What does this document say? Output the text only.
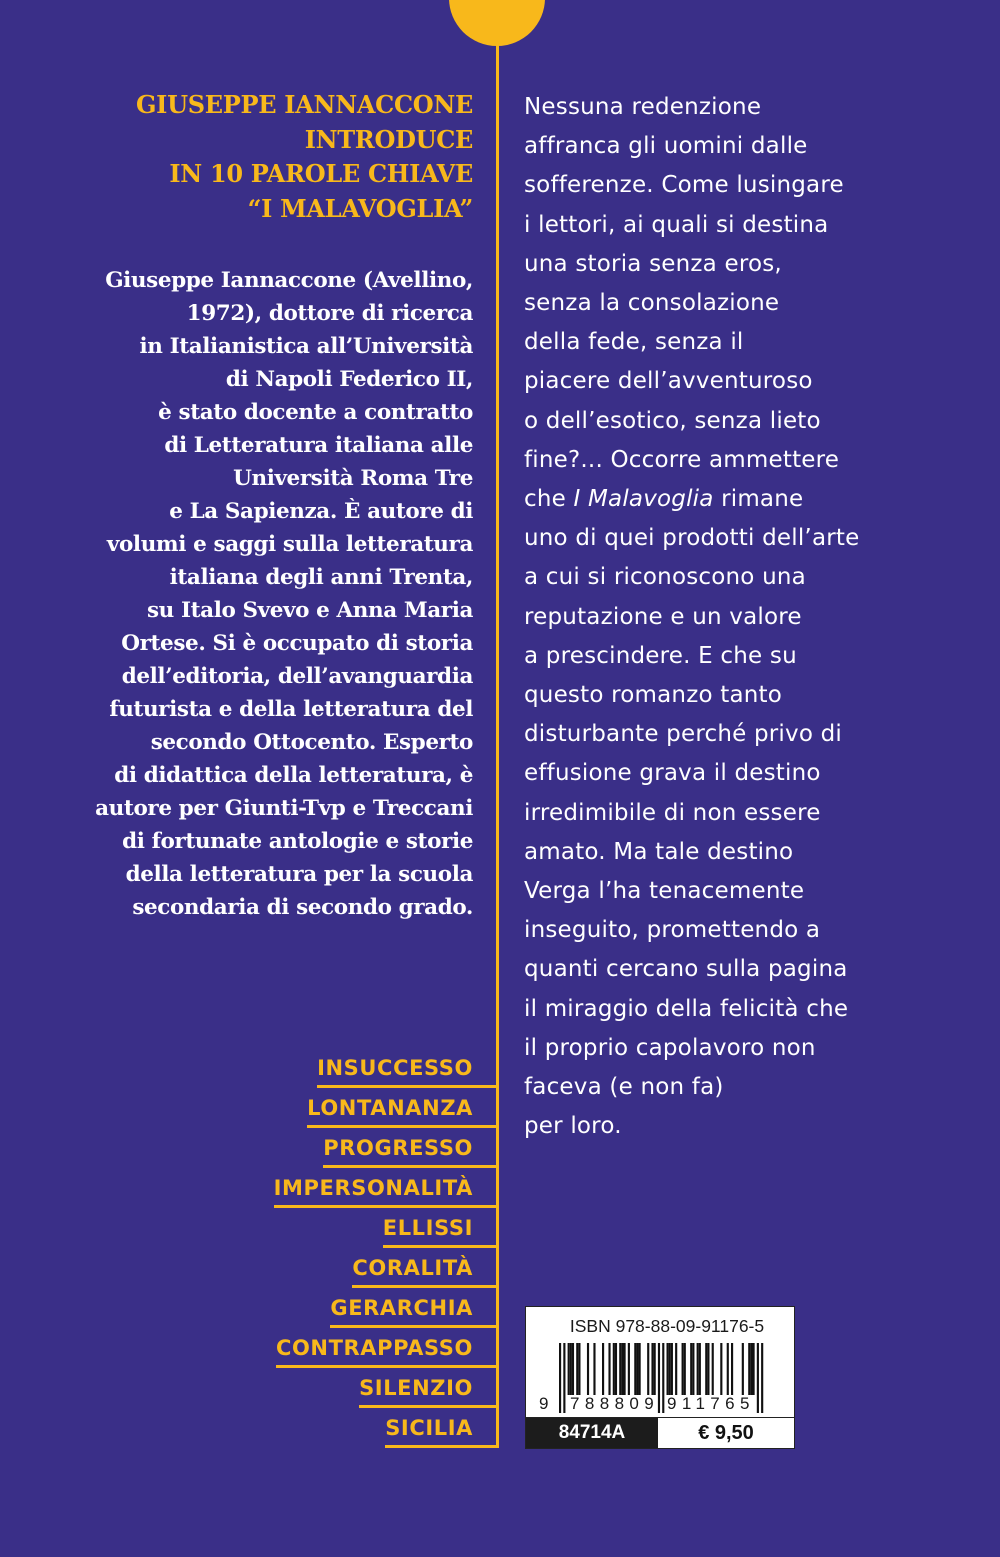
GIUSEPPE IANNACCONE
INTRODUCE
IN 10 PAROLE CHIAVE
“I MALAVOGLIA”
Giuseppe Iannaccone (Avellino,
1972), dottore di ricerca
in Italianistica all’Università
di Napoli Federico II,
è stato docente a contratto
di Letteratura italiana alle
Università Roma Tre
e La Sapienza. È autore di
volumi e saggi sulla letteratura
italiana degli anni Trenta,
su Italo Svevo e Anna Maria
Ortese. Si è occupato di storia
dell’editoria, dell’avanguardia
futurista e della letteratura del
secondo Ottocento. Esperto
di didattica della letteratura, è
autore per Giunti-Tvp e Treccani
di fortunate antologie e storie
della letteratura per la scuola
secondaria di secondo grado.
Nessuna redenzione
affranca gli uomini dalle
sofferenze. Come lusingare
i lettori, ai quali si destina
una storia senza eros,
senza la consolazione
della fede, senza il
piacere dell’avventuroso
o dell’esotico, senza lieto
fine?... Occorre ammettere
che I Malavoglia rimane
uno di quei prodotti dell’arte
a cui si riconoscono una
reputazione e un valore
a prescindere. E che su
questo romanzo tanto
disturbante perché privo di
effusione grava il destino
irredimibile di non essere
amato. Ma tale destino
Verga l’ha tenacemente
inseguito, promettendo a
quanti cercano sulla pagina
il miraggio della felicità che
il proprio capolavoro non
faceva (e non fa)
per loro.
INSUCCESSO
LONTANANZA
PROGRESSO
IMPERSONALITÀ
ELLISSI
CORALITÀ
GERARCHIA
CONTRAPPASSO
SILENZIO
SICILIA
ISBN 978-88-09-91176-5
9 788809 911765
84714A	€ 9,50
